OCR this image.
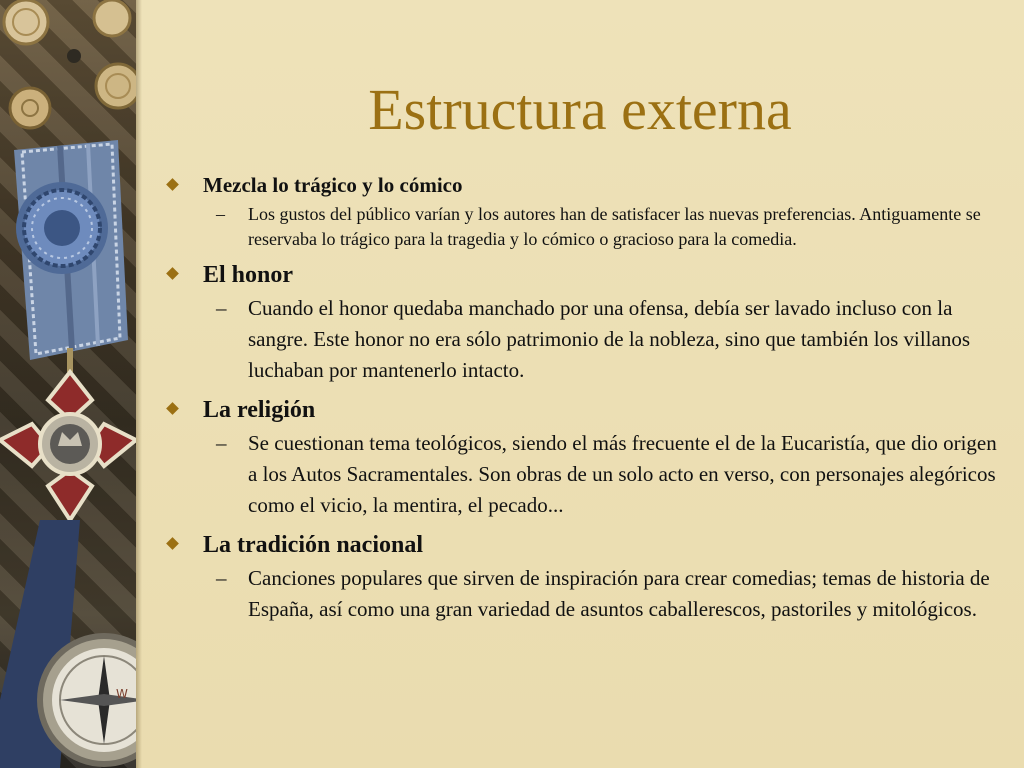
W
Estructura externa
Mezcla lo trágico y lo cómico
– Los gustos del público varían y los autores han de satisfacer las nuevas preferencias. Antiguamente se reservaba lo trágico para la tragedia y lo cómico o gracioso para la comedia.
El honor
– Cuando el honor quedaba manchado por una ofensa, debía ser lavado incluso con la sangre. Este honor no era sólo patrimonio de la nobleza, sino que también los villanos luchaban por mantenerlo intacto.
La religión
– Se cuestionan tema teológicos, siendo el más frecuente el de la Eucaristía, que dio origen a los Autos Sacramentales. Son obras de un solo acto en verso, con personajes alegóricos como el vicio, la mentira, el pecado...
La tradición nacional
– Canciones populares que sirven de inspiración para crear comedias; temas de historia de España, así como una gran variedad de asuntos caballerescos, pastoriles y mitológicos.
